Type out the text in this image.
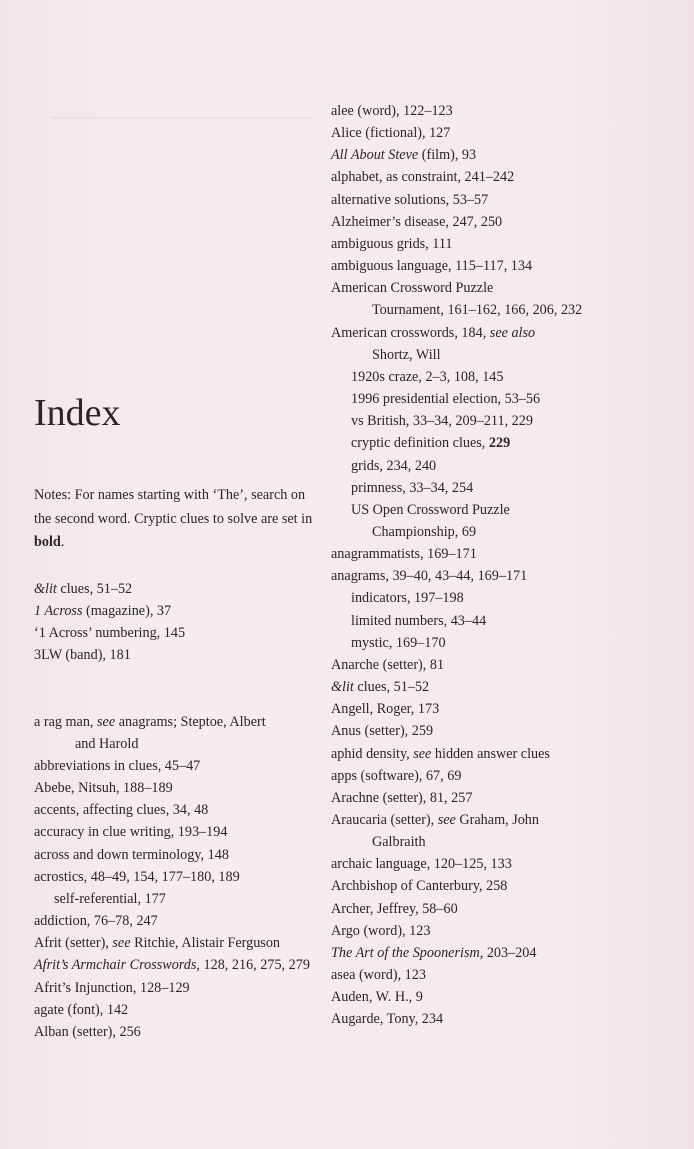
~~~~~~~~~~~~~~~~~~~~~~~~~~~~~~~~~~~~~
Index
Notes: For names starting with ‘The’, search on the second word. Cryptic clues to solve are set in bold.
&lit clues, 51–52
1 Across (magazine), 37
‘1 Across’ numbering, 145
3LW (band), 181
a rag man, see anagrams; Steptoe, Albert
and Harold
abbreviations in clues, 45–47
Abebe, Nitsuh, 188–189
accents, affecting clues, 34, 48
accuracy in clue writing, 193–194
across and down terminology, 148
acrostics, 48–49, 154, 177–180, 189
self-referential, 177
addiction, 76–78, 247
Afrit (setter), see Ritchie, Alistair Ferguson
Afrit’s Armchair Crosswords, 128, 216, 275, 279
Afrit’s Injunction, 128–129
agate (font), 142
Alban (setter), 256
alee (word), 122–123
Alice (fictional), 127
All About Steve (film), 93
alphabet, as constraint, 241–242
alternative solutions, 53–57
Alzheimer’s disease, 247, 250
ambiguous grids, 111
ambiguous language, 115–117, 134
American Crossword Puzzle
Tournament, 161–162, 166, 206, 232
American crosswords, 184, see also
Shortz, Will
1920s craze, 2–3, 108, 145
1996 presidential election, 53–56
vs British, 33–34, 209–211, 229
cryptic definition clues, 229
grids, 234, 240
primness, 33–34, 254
US Open Crossword Puzzle
Championship, 69
anagrammatists, 169–171
anagrams, 39–40, 43–44, 169–171
indicators, 197–198
limited numbers, 43–44
mystic, 169–170
Anarche (setter), 81
&lit clues, 51–52
Angell, Roger, 173
Anus (setter), 259
aphid density, see hidden answer clues
apps (software), 67, 69
Arachne (setter), 81, 257
Araucaria (setter), see Graham, John
Galbraith
archaic language, 120–125, 133
Archbishop of Canterbury, 258
Archer, Jeffrey, 58–60
Argo (word), 123
The Art of the Spoonerism, 203–204
asea (word), 123
Auden, W. H., 9
Augarde, Tony, 234
